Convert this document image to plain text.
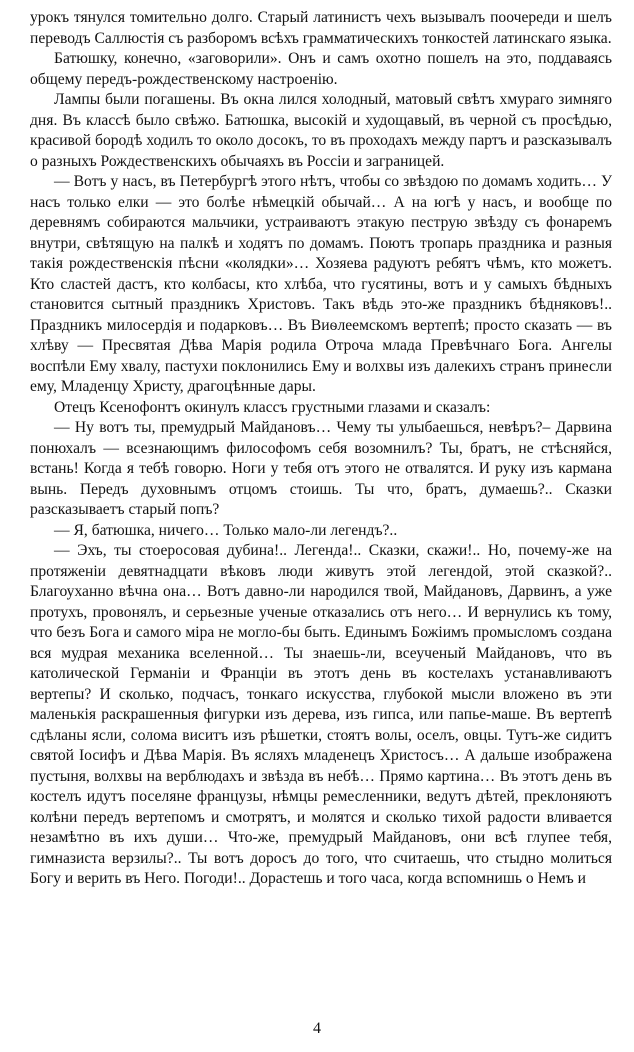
урокъ тянулся томительно долго. Старый латинистъ чехъ вызывалъ поочереди и шелъ переводъ Саллюстія съ разборомъ всѣхъ грамматическихъ тонкостей латинскаго языка.

Батюшку, конечно, «заговорили». Онъ и самъ охотно пошелъ на это, поддаваясь общему передъ-рождественскому настроенію.

Лампы были погашены. Въ окна лился холодный, матовый свѣтъ хмураго зимняго дня. Въ классѣ было свѣжо. Батюшка, высокій и худощавый, въ черной съ просѣдью, красивой бородѣ ходилъ то около досокъ, то въ проходахъ между партъ и разсказывалъ о разныхъ Рождественскихъ обычаяхъ въ Россіи и заграницей.

— Вотъ у насъ, въ Петербургѣ этого нѣтъ, чтобы со звѣздою по домамъ ходить… У насъ только елки — это болѣе нѣмецкій обычай… А на югѣ у насъ, и вообще по деревнямъ собираются мальчики, устраиваютъ этакую пеструю звѣзду съ фонаремъ внутри, свѣтящую на палкѣ и ходятъ по домамъ. Поютъ тропарь праздника и разныя такія рождественскія пѣсни «колядки»… Хозяева радуютъ ребятъ чѣмъ, кто можетъ. Кто сластей дастъ, кто колбасы, кто хлѣба, что гусятины, вотъ и у самыхъ бѣдныхъ становится сытный праздникъ Христовъ. Такъ вѣдь это-же праздникъ бѣдняковъ!.. Праздникъ милосердія и подарковъ… Въ Виѳлеемскомъ вертепѣ; просто сказать — въ хлѣву — Пресвятая Дѣва Марія родила Отроча млада Превѣчнаго Бога. Ангелы воспѣли Ему хвалу, пастухи поклонились Ему и волхвы изъ далекихъ странъ принесли ему, Младенцу Христу, драгоцѣнные дары.

Отецъ Ксенофонтъ окинулъ классъ грустными глазами и сказалъ:

— Ну вотъ ты, премудрый Майдановъ… Чему ты улыбаешься, невѣръ?– Дарвина понюхалъ — всезнающимъ философомъ себя возомнилъ? Ты, братъ, не стѣсняйся, встань! Когда я тебѣ говорю. Ноги у тебя отъ этого не отвалятся. И руку изъ кармана вынь. Передъ духовнымъ отцомъ стоишь. Ты что, братъ, думаешь?.. Сказки разсказываетъ старый попъ?

— Я, батюшка, ничего… Только мало-ли легендъ?..

— Эхъ, ты стоеросовая дубина!.. Легенда!.. Сказки, скажи!.. Но, почему-же на протяженіи девятнадцати вѣковъ люди живутъ этой легендой, этой сказкой?.. Благоуханно вѣчна она… Вотъ давно-ли народился твой, Майдановъ, Дарвинъ, а уже протухъ, провонялъ, и серьезные ученые отказались отъ него… И вернулись къ тому, что безъ Бога и самого міра не могло-бы быть. Единымъ Божіимъ промысломъ создана вся мудрая механика вселенной… Ты знаешь-ли, всеученый Майдановъ, что въ католической Германіи и Франціи въ этотъ день въ костелахъ устанавливаютъ вертепы? И сколько, подчасъ, тонкаго искусства, глубокой мысли вложено въ эти маленькія раскрашенныя фигурки изъ дерева, изъ гипса, или папье-маше. Въ вертепѣ сдѣланы ясли, солома виситъ изъ рѣшетки, стоятъ волы, оселъ, овцы. Тутъ-же сидитъ святой Іосифъ и Дѣва Марія. Въ ясляхъ младенецъ Христосъ… А дальше изображена пустыня, волхвы на верблюдахъ и звѣзда въ небѣ… Прямо картина… Въ этотъ день въ костелъ идутъ поселяне французы, нѣмцы ремесленники, ведутъ дѣтей, преклоняютъ колѣни передъ вертепомъ и смотрятъ, и молятся и сколько тихой радости вливается незамѣтно въ ихъ души… Что-же, премудрый Майдановъ, они всѣ глупее тебя, гимназиста верзилы?.. Ты вотъ доросъ до того, что считаешь, что стыдно молиться Богу и верить въ Него. Погоди!.. Дорастешь и того часа, когда вспомнишь о Немъ и

4
